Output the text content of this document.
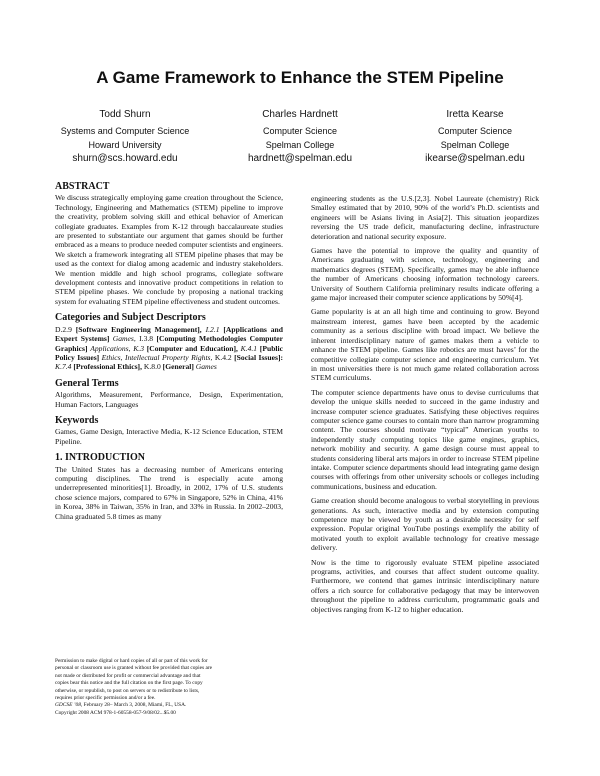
A Game Framework to Enhance the STEM Pipeline
Todd Shurn
Systems and Computer Science
Howard University
shurn@scs.howard.edu
Charles Hardnett
Computer Science
Spelman College
hardnett@spelman.edu
Iretta Kearse
Computer Science
Spelman College
ikearse@spelman.edu
ABSTRACT

We discuss strategically employing game creation throughout the Science, Technology, Engineering and Mathematics (STEM) pipeline to improve the creativity, problem solving skill and ethical behavior of American collegiate graduates. Examples from K-12 through baccalaureate studies are presented to substantiate our argument that games should be further embraced as a means to produce needed computer scientists and engineers. We sketch a framework integrating all STEM pipeline phases that may be used as the context for dialog among academic and industry stakeholders. We mention middle and high school programs, collegiate software development contests and innovative product competitions in relation to STEM pipeline phases. We conclude by proposing a national tracking system for evaluating STEM pipeline effectiveness and student outcomes.

Categories and Subject Descriptors

D.2.9 [Software Engineering Management], I.2.1 [Applications and Expert Systems] Games, I.3.8 [Computing Methodologies Computer Graphics] Applications, K.3 [Computer and Education], K.4.1 [Public Policy Issues] Ethics, Intellectual Property Rights, K.4.2 [Social Issues]: K.7.4 [Professional Ethics], K.8.0 [General] Games

General Terms

Algorithms, Measurement, Performance, Design, Experimentation, Human Factors, Languages

Keywords

Games, Game Design, Interactive Media, K-12 Science Education, STEM Pipeline.

1. INTRODUCTION

The United States has a decreasing number of Americans entering computing disciplines. The trend is especially acute among underrepresented minorities[1]. Broadly, in 2002, 17% of U.S. students chose science majors, compared to 67% in Singapore, 52% in China, 41% in Korea, 38% in Taiwan, 35% in Iran, and 33% in Russia. In 2002–2003, China graduated 5.8 times as many

Permission to make digital or hard copies of all or part of this work for
personal or classroom use is granted without fee provided that copies are
not made or distributed for profit or commercial advantage and that
copies bear this notice and the full citation on the first page. To copy
otherwise, or republish, to post on servers or to redistribute to lists,
requires prior specific permission and/or a fee.
GDCSE ’08, February 28– March 3, 2008, Miami, FL, USA.
Copyright 2008 ACM 978-1-60558-057-9/08/02...$5.00

engineering students as the U.S.[2,3]. Nobel Laureate (chemistry) Rick Smalley estimated that by 2010, 90% of the world’s Ph.D. scientists and engineers will be Asians living in Asia[2]. This situation jeopardizes reversing the US trade deficit, manufacturing decline, infrastructure deterioration and national security exposure.

Games have the potential to improve the quality and quantity of Americans graduating with science, technology, engineering and mathematics degrees (STEM). Specifically, games may be able influence the number of Americans choosing information technology careers. University of Southern California preliminary results indicate offering a game major increased their computer science applications by 50%[4].

Game popularity is at an all high time and continuing to grow. Beyond mainstream interest, games have been accepted by the academic community as a serious discipline with broad impact. We believe the inherent interdisciplinary nature of games makes them a vehicle to enhance the STEM pipeline. Games like robotics are must haves’ for the competitive collegiate computer science and engineering curriculum. Yet in most universities there is not much game related collaboration across STEM curriculums.

The computer science departments have onus to devise curriculums that develop the unique skills needed to succeed in the game industry and increase computer science graduates. Satisfying these objectives requires computer science game courses to contain more than narrow programming content. The courses should motivate “typical” American youths to independently study computing topics like game engines, graphics, network mobility and security. A game design course must appeal to students considering liberal arts majors in order to increase STEM pipeline intake. Computer science departments should lead integrating game design courses with offerings from other university schools or colleges including communications, business and education.

Game creation should become analogous to verbal storytelling in previous generations. As such, interactive media and by extension computing competence may be viewed by youth as a desirable necessity for self expression. Popular original YouTube postings exemplify the ability of motivated youth to exploit available technology for creative message delivery.

Now is the time to rigorously evaluate STEM pipeline associated programs, activities, and courses that affect student outcome quality. Furthermore, we contend that games intrinsic interdisciplinary nature offers a rich source for collaborative pedagogy that may be interwoven throughout the pipeline to address curriculum, programmatic goals and objectives ranging from K-12 to higher education.
